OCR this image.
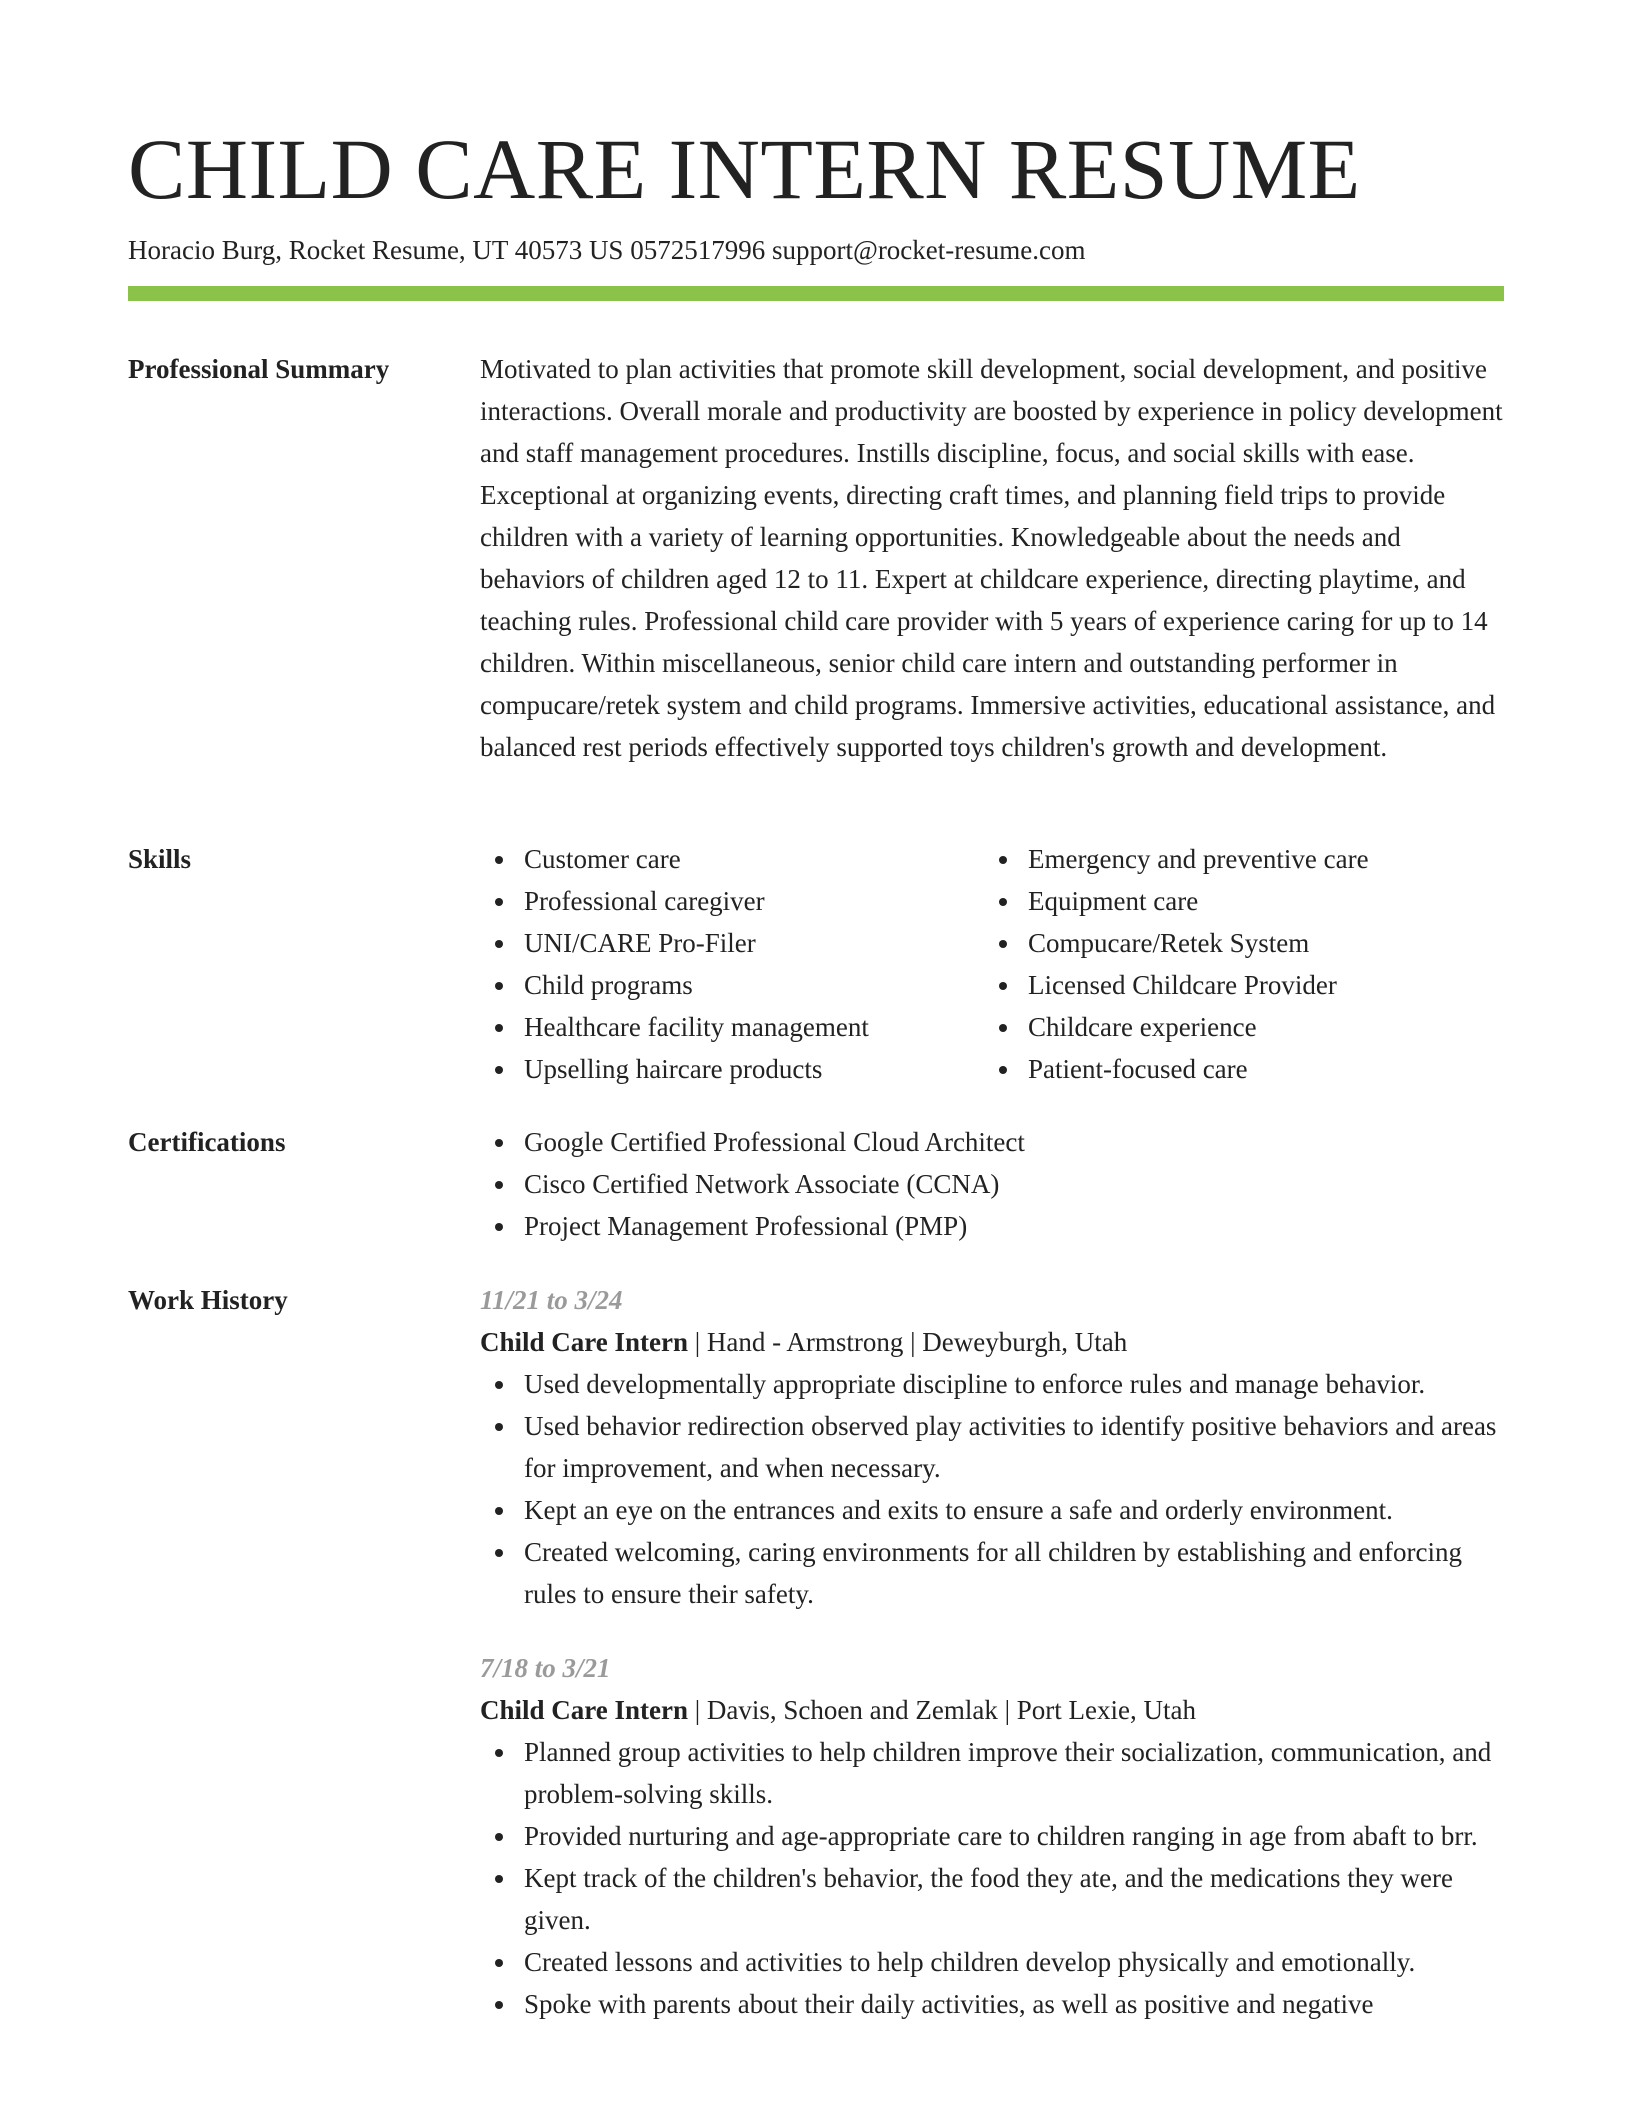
CHILD CARE INTERN RESUME
Horacio Burg, Rocket Resume, UT 40573 US 0572517996 support@rocket-resume.com
Professional Summary	Motivated to plan activities that promote skill development, social development, and positive interactions. Overall morale and productivity are boosted by experience in policy development and staff management procedures. Instills discipline, focus, and social skills with ease. Exceptional at organizing events, directing craft times, and planning field trips to provide children with a variety of learning opportunities. Knowledgeable about the needs and behaviors of children aged 12 to 11. Expert at childcare experience, directing playtime, and teaching rules. Professional child care provider with 5 years of experience caring for up to 14 children. Within miscellaneous, senior child care intern and outstanding performer in compucare/retek system and child programs. Immersive activities, educational assistance, and balanced rest periods effectively supported toys children's growth and development.

Skills	Customer care
Professional caregiver
UNI/CARE Pro-Filer
Child programs
Healthcare facility management
Upselling haircare products
Emergency and preventive care
Equipment care
Compucare/Retek System
Licensed Childcare Provider
Childcare experience
Patient-focused care
Certifications	Google Certified Professional Cloud Architect
Cisco Certified Network Associate (CCNA)
Project Management Professional (PMP)
Work History	11/21 to 3/24
Child Care Intern | Hand - Armstrong | Deweyburgh, Utah
Used developmentally appropriate discipline to enforce rules and manage behavior.
Used behavior redirection observed play activities to identify positive behaviors and areas for improvement, and when necessary.
Kept an eye on the entrances and exits to ensure a safe and orderly environment.
Created welcoming, caring environments for all children by establishing and enforcing rules to ensure their safety.
7/18 to 3/21
Child Care Intern | Davis, Schoen and Zemlak | Port Lexie, Utah
Planned group activities to help children improve their socialization, communication, and problem-solving skills.
Provided nurturing and age-appropriate care to children ranging in age from abaft to brr.
Kept track of the children's behavior, the food they ate, and the medications they were given.
Created lessons and activities to help children develop physically and emotionally.
Spoke with parents about their daily activities, as well as positive and negative
